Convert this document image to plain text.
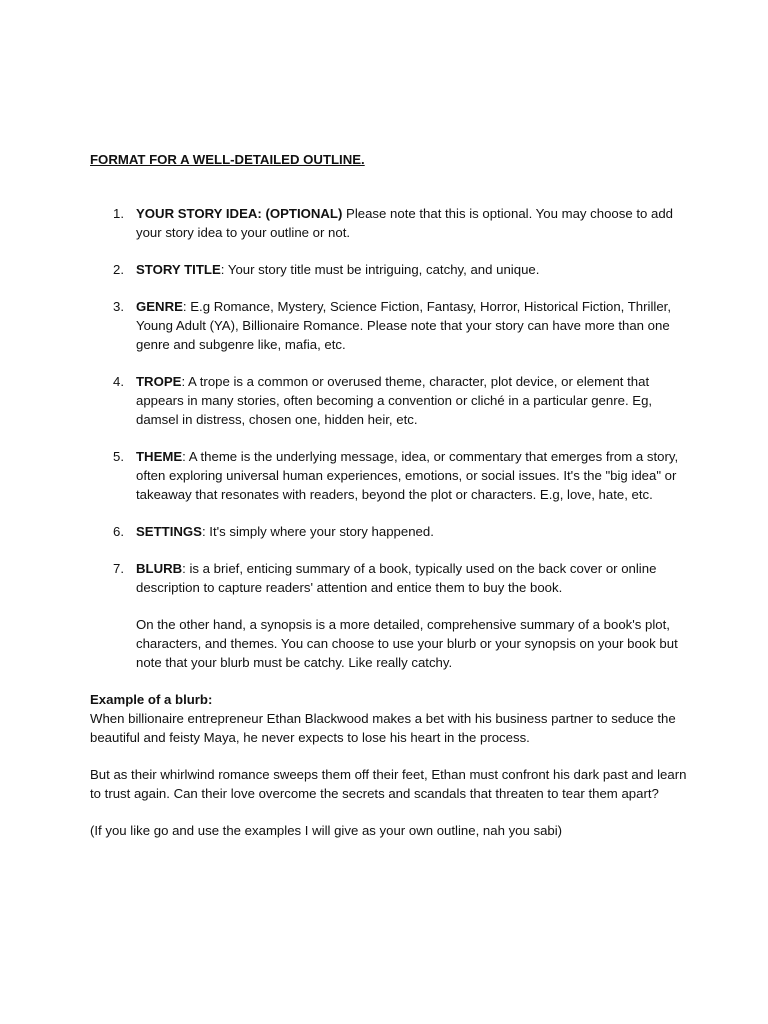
FORMAT FOR A WELL-DETAILED OUTLINE.
1. YOUR STORY IDEA: (OPTIONAL) Please note that this is optional. You may choose to add your story idea to your outline or not.
2. STORY TITLE: Your story title must be intriguing, catchy, and unique.
3. GENRE: E.g Romance, Mystery, Science Fiction, Fantasy, Horror, Historical Fiction, Thriller, Young Adult (YA), Billionaire Romance. Please note that your story can have more than one genre and subgenre like, mafia, etc.
4. TROPE: A trope is a common or overused theme, character, plot device, or element that appears in many stories, often becoming a convention or cliché in a particular genre. Eg, damsel in distress, chosen one, hidden heir, etc.
5. THEME: A theme is the underlying message, idea, or commentary that emerges from a story, often exploring universal human experiences, emotions, or social issues. It's the "big idea" or takeaway that resonates with readers, beyond the plot or characters. E.g, love, hate, etc.
6. SETTINGS: It's simply where your story happened.
7. BLURB: is a brief, enticing summary of a book, typically used on the back cover or online description to capture readers' attention and entice them to buy the book.
On the other hand, a synopsis is a more detailed, comprehensive summary of a book's plot, characters, and themes. You can choose to use your blurb or your synopsis on your book but note that your blurb must be catchy. Like really catchy.
Example of a blurb:

When billionaire entrepreneur Ethan Blackwood makes a bet with his business partner to seduce the beautiful and feisty Maya, he never expects to lose his heart in the process.

But as their whirlwind romance sweeps them off their feet, Ethan must confront his dark past and learn to trust again. Can their love overcome the secrets and scandals that threaten to tear them apart?

(If you like go and use the examples I will give as your own outline, nah you sabi)
